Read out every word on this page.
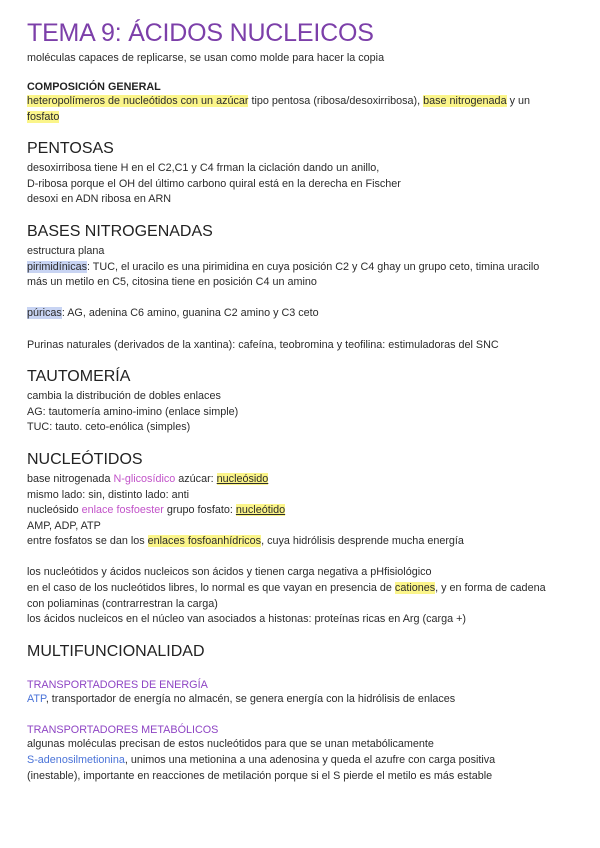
TEMA 9: ÁCIDOS NUCLEICOS

moléculas capaces de replicarse, se usan como molde para hacer la copia

COMPOSICIÓN GENERAL

heteropolímeros de nucleótidos con un azúcar tipo pentosa (ribosa/desoxirribosa), base nitrogenada y un

fosfato

PENTOSAS

desoxirribosa tiene H en el C2,C1 y C4 frman la ciclación dando un anillo,

D-ribosa porque el OH del último carbono quiral está en la derecha en Fischer

desoxi en ADN ribosa en ARN

BASES NITROGENADAS

estructura plana

pirimidínicas: TUC, el uracilo es una pirimidina en cuya posición C2 y C4 ghay un grupo ceto, timina uracilo

más un metilo en C5, citosina tiene en posición C4 un amino

púricas: AG, adenina C6 amino, guanina C2 amino y C3 ceto

Purinas naturales (derivados de la xantina): cafeína, teobromina y teofilina: estimuladoras del SNC

TAUTOMERÍA

cambia la distribución de dobles enlaces

AG: tautomería amino-imino (enlace simple)

TUC: tauto. ceto-enólica (simples)

NUCLEÓTIDOS

base nitrogenada N-glicosídico azúcar: nucleósido

mismo lado: sin, distinto lado: anti

nucleósido enlace fosfoester grupo fosfato: nucleótido

AMP, ADP, ATP

entre fosfatos se dan los enlaces fosfoanhídricos, cuya hidrólisis desprende mucha energía

los nucleótidos y ácidos nucleicos son ácidos y tienen carga negativa a pHfisiológico

en el caso de los nucleótidos libres, lo normal es que vayan en presencia de cationes, y en forma de cadena

con poliaminas (contrarrestran la carga)

los ácidos nucleicos en el núcleo van asociados a histonas: proteínas ricas en Arg (carga +)

MULTIFUNCIONALIDAD
TRANSPORTADORES DE ENERGÍA

ATP, transportador de energía no almacén, se genera energía con la hidrólisis de enlaces

TRANSPORTADORES METABÓLICOS

algunas moléculas precisan de estos nucleótidos para que se unan metabólicamente

S-adenosilmetionina, unimos una metionina a una adenosina y queda el azufre con carga positiva

(inestable), importante en reacciones de metilación porque si el S pierde el metilo es más estable
